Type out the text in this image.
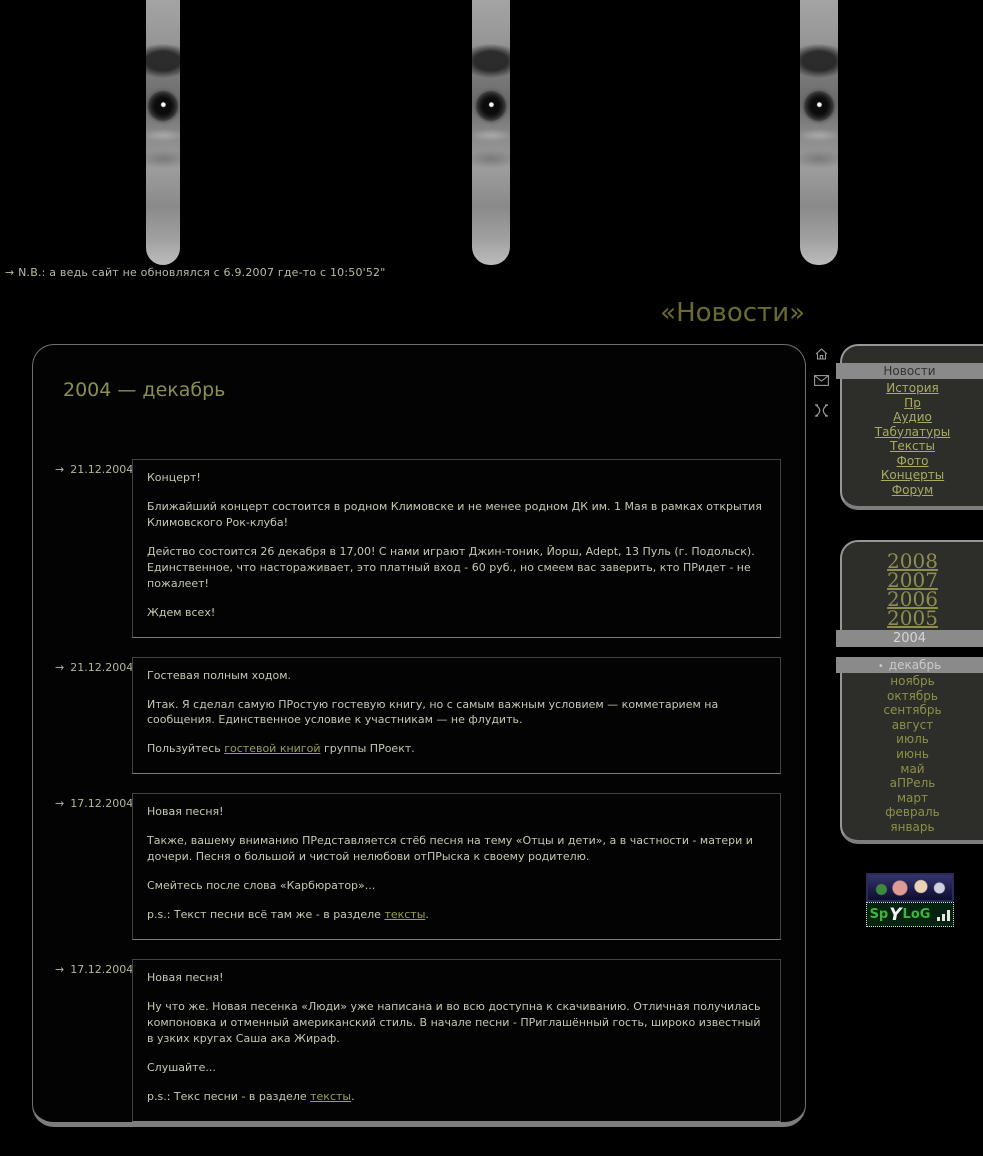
→ N.B.: а ведь сайт не обновлялся с 6.9.2007 где-то с 10:50'52"
«Новости»
2004 — декабрь
→ 21.12.2004

Концерт!

Ближайший концерт состоится в родном Климовске и не менее родном ДК им. 1 Мая в рамках открытия Климовского Рок-клуба!

Действо состоится 26 декабря в 17,00! С нами играют Джин-тоник, Йорш, Adept, 13 Пуль (г. Подольск). Единственное, что настораживает, это платный вход - 60 руб., но смеем вас заверить, кто ПРидет - не пожалеет!

Ждем всех!

→ 21.12.2004

Гостевая полным ходом.

Итак. Я сделал самую ПРостую гостевую книгу, но с самым важным условием — комметарием на сообщения. Единственное условие к участникам — не флудить.

Пользуйтесь гостевой книгой группы ПРоект.

→ 17.12.2004

Новая песня!

Также, вашему вниманию ПРедставляется стёб песня на тему «Отцы и дети», а в частности - матери и дочери. Песня о большой и чистой нелюбови отПРыска к своему родителю.

Смейтесь после слова «Карбюратор»...

p.s.: Текст песни всё там же - в разделе тексты.

→ 17.12.2004

Новая песня!

Ну что же. Новая песенка «Люди» уже написана и во всю доступна к скачиванию. Отличная получилась компоновка и отменный американский стиль. В начале песни - ПРиглашённый гость, широко известный в узких кругах Саша ака Жираф.

Слушайте...

p.s.: Текс песни - в разделе тексты.

Новости
История
Пр
Аудио
Табулатуры
Тексты
Фото
Концерты
Форум
2008
2007
2006
2005
2004
• декабрь
ноябрь
октябрь
сентябрь
август
июль
июнь
май
аПРель
март
февраль
январь
Sp Y LoG
